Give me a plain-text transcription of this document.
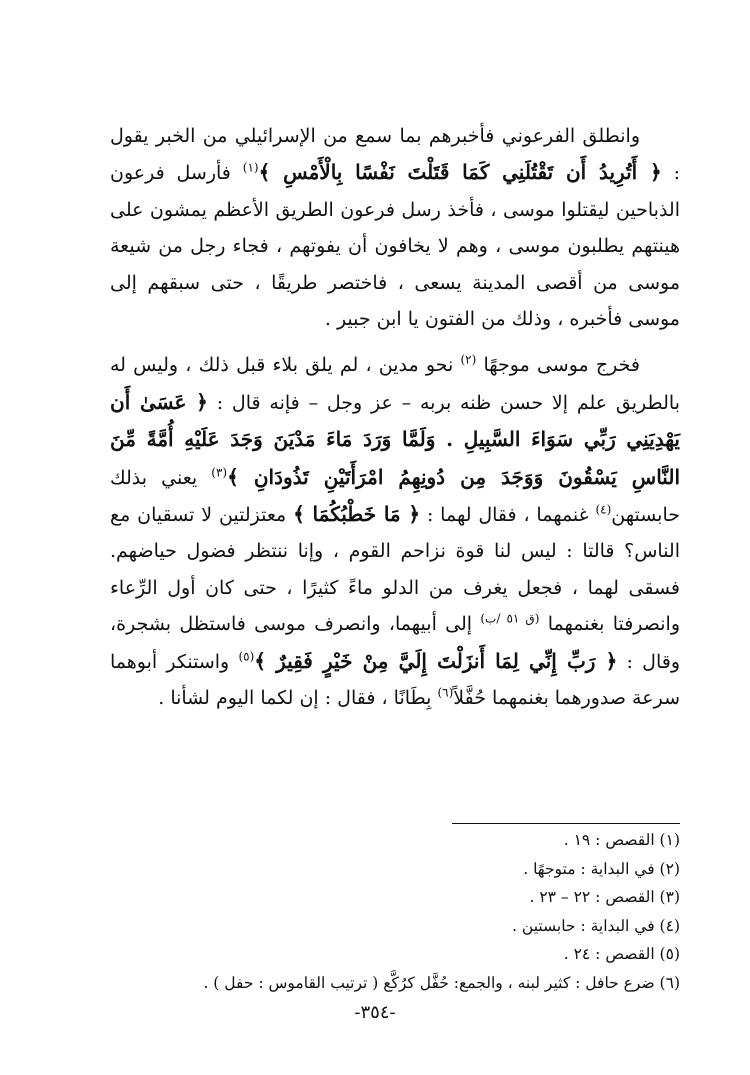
وانطلق الفرعوني فأخبرهم بما سمع من الإسرائيلي من الخبر يقول : ﴿ أَتُرِيدُ أَن تَقْتُلَنِي كَمَا قَتَلْتَ نَفْسًا بِالْأَمْسِ ﴾$^{(١)}$ فأرسل فرعون الذباحين ليقتلوا موسى ، فأخذ رسل فرعون الطريق الأعظم يمشون على هينتهم يطلبون موسى ، وهم لا يخافون أن يفوتهم ، فجاء رجل من شيعة موسى من أقصى المدينة يسعى ، فاختصر طريقًا ، حتى سبقهم إلى موسى فأخبره ، وذلك من الفتون يا ابن جبير .

فخرج موسى موجهًا $^{(٢)}$ نحو مدين ، لم يلق بلاء قبل ذلك ، وليس له بالطريق علم إلا حسن ظنه بربه – عز وجل – فإنه قال : ﴿ عَسَىٰ أَن يَهْدِيَنِي رَبِّي سَوَاءَ السَّبِيلِ . وَلَمَّا وَرَدَ مَاءَ مَدْيَنَ وَجَدَ عَلَيْهِ أُمَّةً مِّنَ النَّاسِ يَسْقُونَ وَوَجَدَ مِن دُونِهِمُ امْرَأَتَيْنِ تَذُودَانِ ﴾$^{(٣)}$ يعني بذلك حابستهن$^{(٤)}$ غنمهما ، فقال لهما : ﴿ مَا خَطْبُكُمَا ﴾ معتزلتين لا تسقيان مع الناس؟ قالتا : ليس لنا قوة نزاحم القوم ، وإنا ننتظر فضول حياضهم. فسقى لهما ، فجعل يغرف من الدلو ماءً كثيرًا ، حتى كان أول الرِّعاء وانصرفتا بغنمهما $^{(ق ٥١ /ب)}$ إلى أبيهما، وانصرف موسى فاستظل بشجرة، وقال : ﴿ رَبِّ إِنِّي لِمَا أَنزَلْتَ إِلَيَّ مِنْ خَيْرٍ فَقِيرٌ ﴾$^{(٥)}$ واستنكر أبوهما سرعة صدورهما بغنمهما حُفَّلاً$^{(٦)}$ بِطَانًا ، فقال : إن لكما اليوم لشأنا .

(١) القصص : ١٩ .

(٢) في البداية : متوجهًا .

(٣) القصص : ٢٢ – ٢٣ .

(٤) في البداية : حابستين .

(٥) القصص : ٢٤ .

(٦) ضرع حافل : كثير لبنه ، والجمع: حُفَّل كرُكَّع ( ترتيب القاموس : حفل ) .

-٣٥٤-
